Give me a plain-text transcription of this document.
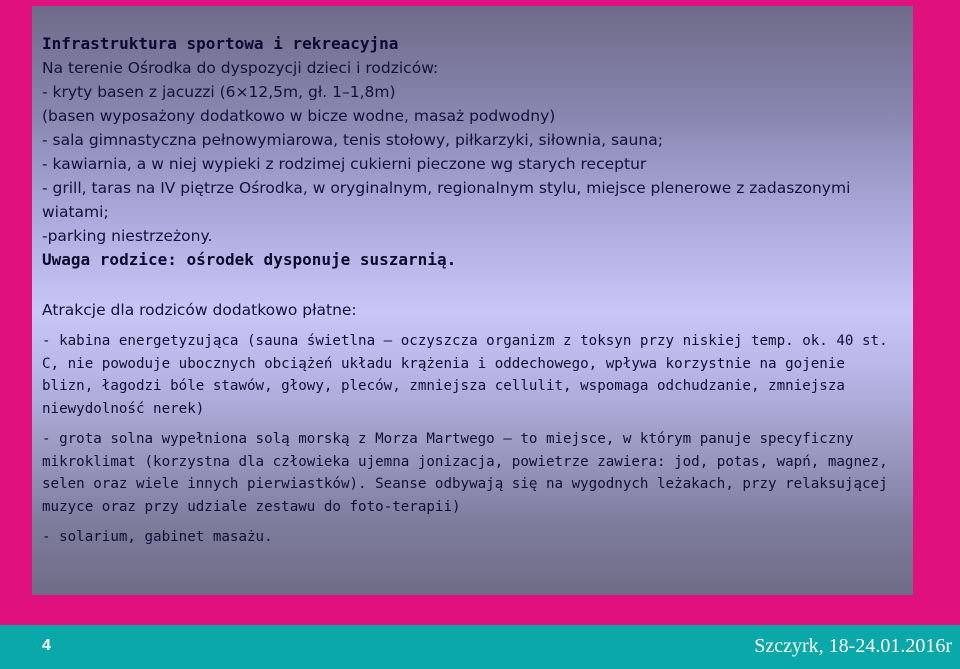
Infrastruktura sportowa i rekreacyjna

Na terenie Ośrodka do dyspozycji dzieci i rodziców:

- kryty basen z jacuzzi (6×12,5m, gł. 1–1,8m)

(basen wyposażony dodatkowo w bicze wodne, masaż podwodny)

- sala gimnastyczna pełnowymiarowa, tenis stołowy, piłkarzyki, siłownia, sauna;

- kawiarnia, a w niej wypieki z rodzimej cukierni pieczone wg starych receptur

- grill, taras na IV piętrze Ośrodka, w oryginalnym, regionalnym stylu, miejsce plenerowe z zadaszonymi wiatami;

-parking niestrzeżony.

Uwaga rodzice: ośrodek dysponuje suszarnią.

Atrakcje dla rodziców dodatkowo płatne:

- kabina energetyzująca (sauna świetlna – oczyszcza organizm z toksyn przy niskiej temp. ok. 40 st. C, nie powoduje ubocznych obciążeń układu krążenia i oddechowego, wpływa korzystnie na gojenie blizn, łagodzi bóle stawów, głowy, pleców, zmniejsza cellulit, wspomaga odchudzanie, zmniejsza niewydolność nerek)

- grota solna wypełniona solą morską z Morza Martwego – to miejsce, w którym panuje specyficzny mikroklimat (korzystna dla człowieka ujemna jonizacja, powietrze zawiera: jod, potas, wapń, magnez, selen oraz wiele innych pierwiastków). Seanse odbywają się na wygodnych leżakach, przy relaksującej muzyce oraz przy udziale zestawu do foto-terapii)

- solarium, gabinet masażu.

4	Szczyrk, 18-24.01.2016r
